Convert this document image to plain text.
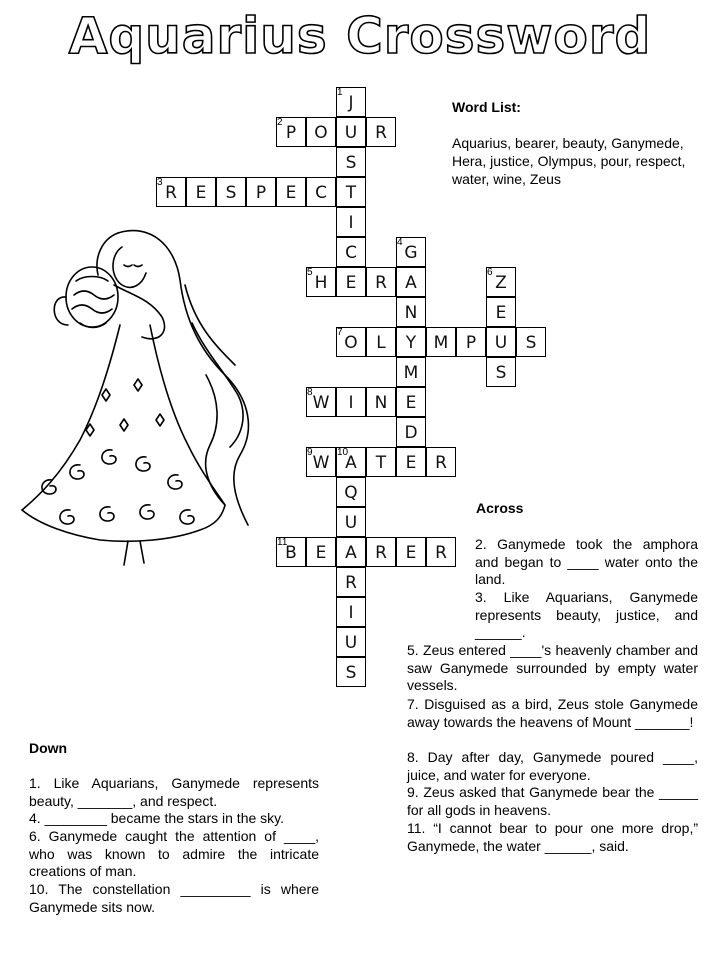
Aquarius Crossword
J
U
S
T
I
C
E
P	O	R
R	E	S	P	E	C
G
A
N
Y
M
E
D
E
H	R	Z
E
U
S
O	L	M	P	S
W	I	N
W A	T	R
Q
U
A
R
I
U
S
B	E	R	E	R
1
2
3
4
5	6
7
8
9 10
11
Word List:
Aquarius, bearer, beauty, Ganymede, Hera, justice, Olympus, pour, respect, water, wine, Zeus
Across
2. Ganymede took the amphora and began to ____ water onto the land.
3. Like Aquarians, Ganymede represents beauty, justice, and ______.
5. Zeus entered ____'s heavenly chamber and saw Ganymede surrounded by empty water vessels.
7. Disguised as a bird, Zeus stole Ganymede away towards the heavens of Mount _______!
8. Day after day, Ganymede poured ____, juice, and water for everyone.
9. Zeus asked that Ganymede bear the _____ for all gods in heavens.
11. “I cannot bear to pour one more drop,” Ganymede, the water ______, said.
Down
1. Like Aquarians, Ganymede represents beauty, _______, and respect.
4. ________ became the stars in the sky.
6. Ganymede caught the attention of ____, who was known to admire the intricate creations of man.
10. The constellation _________ is where Ganymede sits now.
